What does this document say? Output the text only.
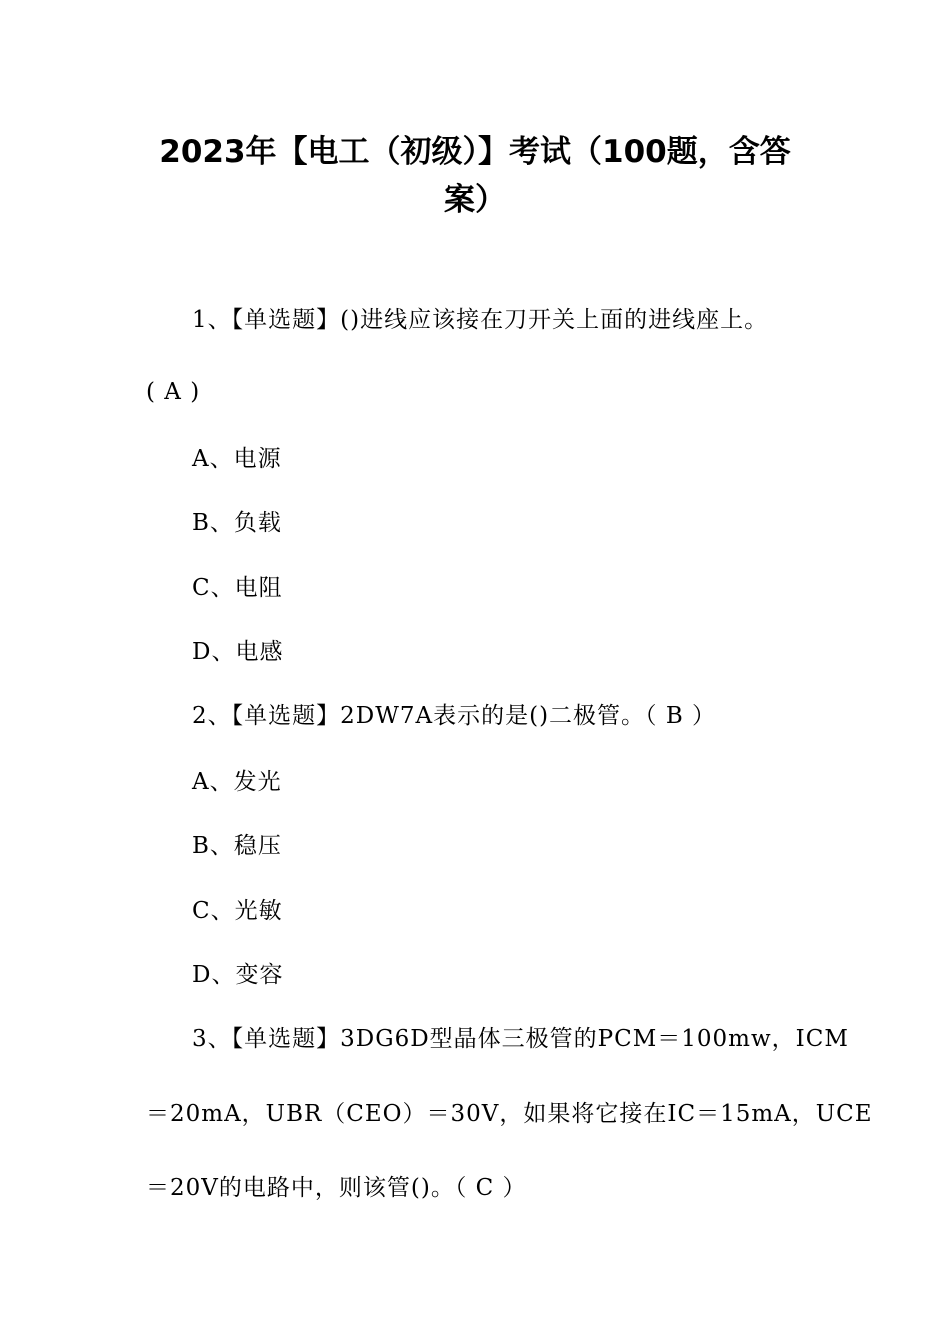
2023年【电工（初级）】考试（100题，含答
案）
1、【单选题】()进线应该接在刀开关上面的进线座上。
( A )
A、电源
B、负载
C、电阻
D、电感
2、【单选题】2DW7A表示的是()二极管。（ B ）
A、发光
B、稳压
C、光敏
D、变容
3、【单选题】3DG6D型晶体三极管的PCM＝100mw，ICM
＝20mA，UBR（CEO）＝30V，如果将它接在IC＝15mA，UCE
＝20V的电路中，则该管()。（ C ）
